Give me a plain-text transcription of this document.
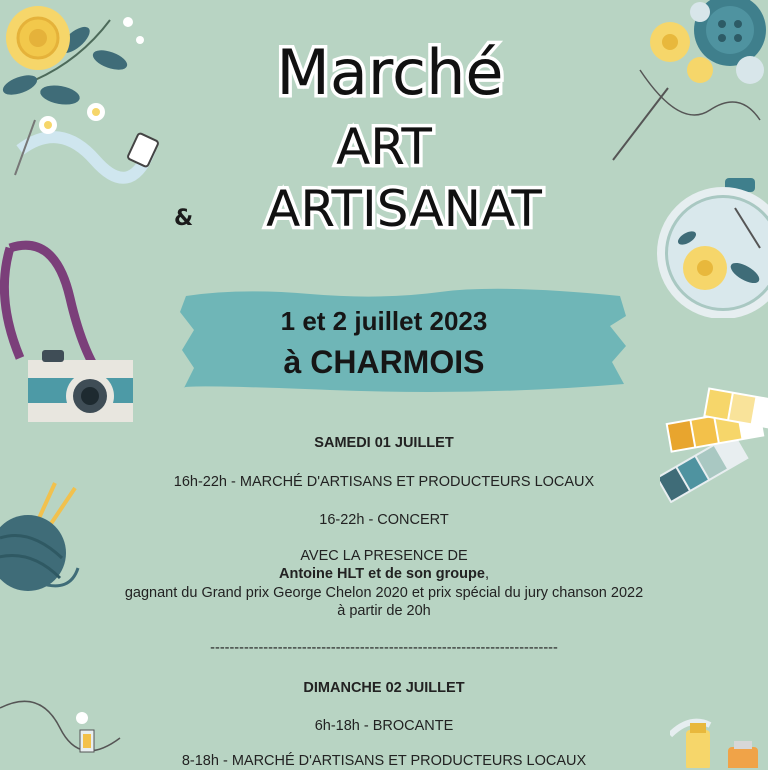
Marché
ART
&	ARTISANAT
1 et 2 juillet 2023
à CHARMOIS
SAMEDI 01 JUILLET
16h-22h - MARCHÉ D'ARTISANS ET PRODUCTEURS LOCAUX
16-22h - CONCERT
AVEC LA PRESENCE DE
Antoine HLT et de son groupe,
gagnant du Grand prix George Chelon 2020 et prix spécial du jury chanson 2022
à partir de 20h
------------------------------------------------------------------------
DIMANCHE 02 JUILLET
6h-18h - BROCANTE
8-18h - MARCHÉ D'ARTISANS ET PRODUCTEURS LOCAUX
